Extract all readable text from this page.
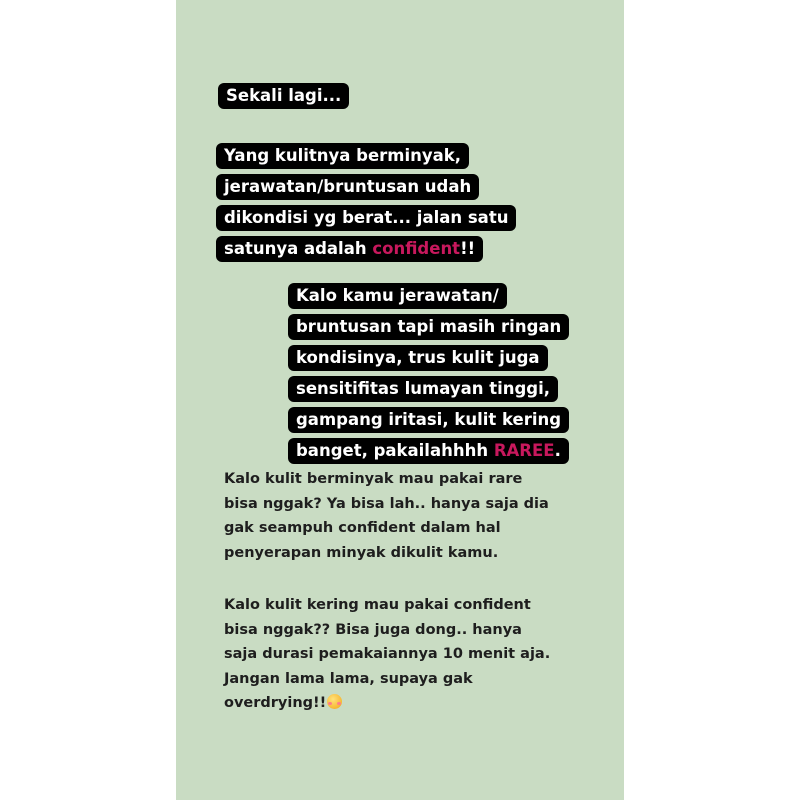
Sekali lagi...
Yang kulitnya berminyak,
jerawatan/bruntusan udah
dikondisi yg berat... jalan satu
satunya adalah confident!!
Kalo kamu jerawatan/
bruntusan tapi masih ringan
kondisinya, trus kulit juga
sensitifitas lumayan tinggi,
gampang iritasi, kulit kering
banget, pakailahhhh RAREE.
Kalo kulit berminyak mau pakai rare
bisa nggak? Ya bisa lah.. hanya saja dia
gak seampuh confident dalam hal
penyerapan minyak dikulit kamu.
Kalo kulit kering mau pakai confident
bisa nggak?? Bisa juga dong.. hanya
saja durasi pemakaiannya 10 menit aja.
Jangan lama lama, supaya gak
overdrying!!
